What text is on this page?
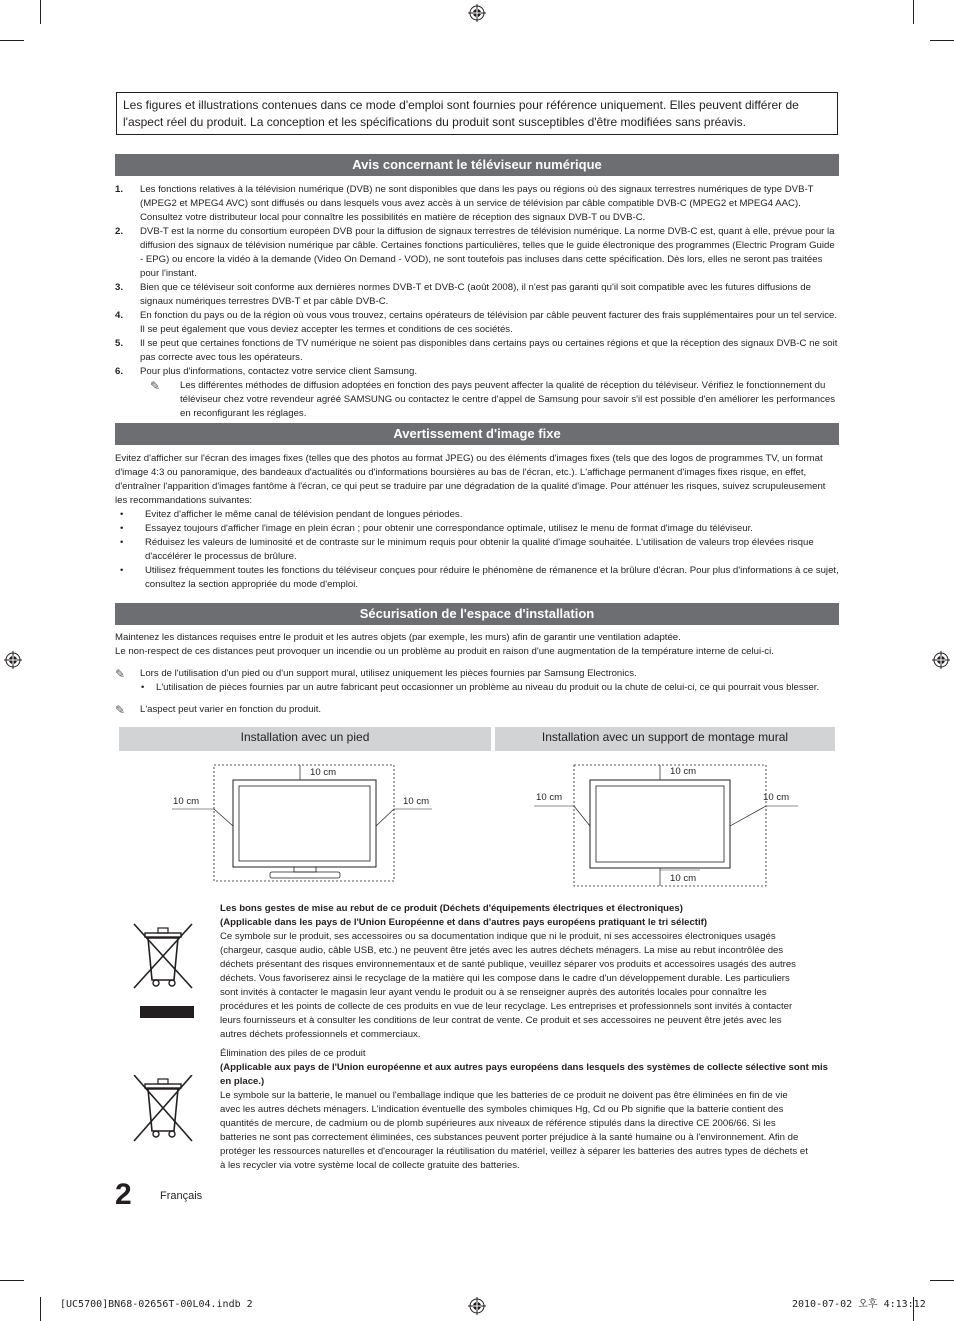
Les figures et illustrations contenues dans ce mode d'emploi sont fournies pour référence uniquement. Elles peuvent différer de l'aspect réel du produit. La conception et les spécifications du produit sont susceptibles d'être modifiées sans préavis.
Avis concernant le téléviseur numérique
1.	Les fonctions relatives à la télévision numérique (DVB) ne sont disponibles que dans les pays ou régions où des signaux terrestres numériques de type DVB-T (MPEG2 et MPEG4 AVC) sont diffusés ou dans lesquels vous avez accès à un service de télévision par câble compatible DVB-C (MPEG2 et MPEG4 AAC). Consultez votre distributeur local pour connaître les possibilités en matière de réception des signaux DVB-T ou DVB-C.
2.	DVB-T est la norme du consortium européen DVB pour la diffusion de signaux terrestres de télévision numérique. La norme DVB-C est, quant à elle, prévue pour la diffusion des signaux de télévision numérique par câble. Certaines fonctions particulières, telles que le guide électronique des programmes (Electric Program Guide - EPG) ou encore la vidéo à la demande (Video On Demand - VOD), ne sont toutefois pas incluses dans cette spécification. Dès lors, elles ne seront pas traitées pour l'instant.
3.	Bien que ce téléviseur soit conforme aux dernières normes DVB-T et DVB-C (août 2008), il n'est pas garanti qu'il soit compatible avec les futures diffusions de signaux numériques terrestres DVB-T et par câble DVB-C.
4.	En fonction du pays ou de la région où vous vous trouvez, certains opérateurs de télévision par câble peuvent facturer des frais supplémentaires pour un tel service. Il se peut également que vous deviez accepter les termes et conditions de ces sociétés.
5.	Il se peut que certaines fonctions de TV numérique ne soient pas disponibles dans certains pays ou certaines régions et que la réception des signaux DVB-C ne soit pas correcte avec tous les opérateurs.
6.	Pour plus d'informations, contactez votre service client Samsung.
✎	Les différentes méthodes de diffusion adoptées en fonction des pays peuvent affecter la qualité de réception du téléviseur. Vérifiez le fonctionnement du téléviseur chez votre revendeur agréé SAMSUNG ou contactez le centre d'appel de Samsung pour savoir s'il est possible d'en améliorer les performances en reconfigurant les réglages.
Avertissement d'image fixe
Evitez d'afficher sur l'écran des images fixes (telles que des photos au format JPEG) ou des éléments d'images fixes (tels que des logos de programmes TV, un format d'image 4:3 ou panoramique, des bandeaux d'actualités ou d'informations boursières au bas de l'écran, etc.). L'affichage permanent d'images fixes risque, en effet, d'entraîner l'apparition d'images fantôme à l'écran, ce qui peut se traduire par une dégradation de la qualité d'image. Pour atténuer les risques, suivez scrupuleusement les recommandations suivantes:
•	Evitez d'afficher le même canal de télévision pendant de longues périodes.
•	Essayez toujours d'afficher l'image en plein écran ; pour obtenir une correspondance optimale, utilisez le menu de format d'image du téléviseur.
•	Réduisez les valeurs de luminosité et de contraste sur le minimum requis pour obtenir la qualité d'image souhaitée. L'utilisation de valeurs trop élevées risque d'accélérer le processus de brûlure.
•	Utilisez fréquemment toutes les fonctions du téléviseur conçues pour réduire le phénomène de rémanence et la brûlure d'écran. Pour plus d'informations à ce sujet, consultez la section appropriée du mode d'emploi.
Sécurisation de l'espace d'installation
Maintenez les distances requises entre le produit et les autres objets (par exemple, les murs) afin de garantir une ventilation adaptée.
Le non-respect de ces distances peut provoquer un incendie ou un problème au produit en raison d'une augmentation de la température interne de celui-ci.
✎	Lors de l'utilisation d'un pied ou d'un support mural, utilisez uniquement les pièces fournies par Samsung Electronics.
•	L'utilisation de pièces fournies par un autre fabricant peut occasionner un problème au niveau du produit ou la chute de celui-ci, ce qui pourrait vous blesser.
✎	L'aspect peut varier en fonction du produit.
Installation avec un pied	Installation avec un support de montage mural
10 cm
10 cm	10 cm
10 cm
10 cm
10 cm	10 cm
Les bons gestes de mise au rebut de ce produit (Déchets d'équipements électriques et électroniques)
(Applicable dans les pays de l'Union Européenne et dans d'autres pays européens pratiquant le tri sélectif)
Ce symbole sur le produit, ses accessoires ou sa documentation indique que ni le produit, ni ses accessoires électroniques usagés (chargeur, casque audio, câble USB, etc.) ne peuvent être jetés avec les autres déchets ménagers. La mise au rebut incontrôlée des déchets présentant des risques environnementaux et de santé publique, veuillez séparer vos produits et accessoires usagés des autres déchets. Vous favoriserez ainsi le recyclage de la matière qui les compose dans le cadre d'un développement durable. Les particuliers sont invités à contacter le magasin leur ayant vendu le produit ou à se renseigner auprès des autorités locales pour connaître les procédures et les points de collecte de ces produits en vue de leur recyclage. Les entreprises et professionnels sont invités à contacter leurs fournisseurs et à consulter les conditions de leur contrat de vente. Ce produit et ses accessoires ne peuvent être jetés avec les autres déchets professionnels et commerciaux.
Élimination des piles de ce produit
(Applicable aux pays de l'Union européenne et aux autres pays européens dans lesquels des systèmes de collecte sélective sont mis en place.)
Le symbole sur la batterie, le manuel ou l'emballage indique que les batteries de ce produit ne doivent pas être éliminées en fin de vie avec les autres déchets ménagers. L'indication éventuelle des symboles chimiques Hg, Cd ou Pb signifie que la batterie contient des quantités de mercure, de cadmium ou de plomb supérieures aux niveaux de référence stipulés dans la directive CE 2006/66. Si les batteries ne sont pas correctement éliminées, ces substances peuvent porter préjudice à la santé humaine ou à l'environnement. Afin de protéger les ressources naturelles et d'encourager la réutilisation du matériel, veillez à séparer les batteries des autres types de déchets et à les recycler via votre système local de collecte gratuite des batteries.
2	Français
[UC5700]BN68-02656T-00L04.indb 2	2010-07-02 오후 4:13:12
